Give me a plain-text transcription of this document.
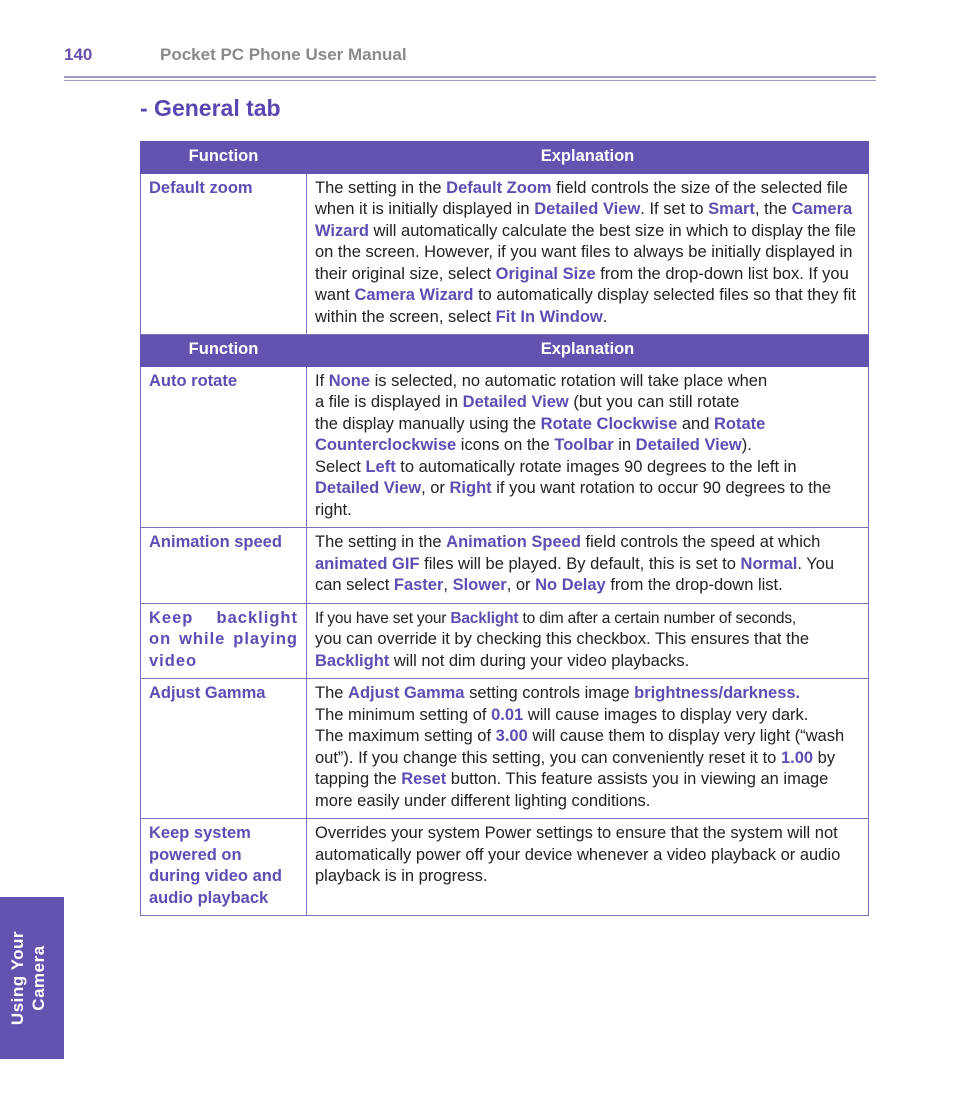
140	Pocket PC Phone User Manual
- General tab
Function	Explanation
Default zoom	The setting in the Default Zoom field controls the size of the selected file when it is initially displayed in Detailed View. If set to Smart, the Camera Wizard will automatically calculate the best size in which to display the file on the screen. However, if you want files to always be initially displayed in their original size, select Original Size from the drop-down list box. If you want Camera Wizard to automatically display selected files so that they fit within the screen, select Fit In Window.
Function	Explanation
Auto rotate	If None is selected, no automatic rotation will take place when
a file is displayed in Detailed View (but you can still rotate
the display manually using the Rotate Clockwise and Rotate Counterclockwise icons on the Toolbar in Detailed View).
Select Left to automatically rotate images 90 degrees to the left in Detailed View, or Right if you want rotation to occur 90 degrees to the right.
Animation speed	The setting in the Animation Speed field controls the speed at which animated GIF files will be played. By default, this is set to Normal. You can select Faster, Slower, or No Delay from the drop-down list.
Keep backlight on while playing video	If you have set your Backlight to dim after a certain number of seconds,
you can override it by checking this checkbox. This ensures that the Backlight will not dim during your video playbacks.
Adjust Gamma	The Adjust Gamma setting controls image brightness/darkness.
The minimum setting of 0.01 will cause images to display very dark.
The maximum setting of 3.00 will cause them to display very light (“wash out”). If you change this setting, you can conveniently reset it to 1.00 by tapping the Reset button. This feature assists you in viewing an image more easily under different lighting conditions.
Keep system
powered on
during video and
audio playback	Overrides your system Power settings to ensure that the system will not automatically power off your device whenever a video playback or audio playback is in progress.
Using Your Camera
